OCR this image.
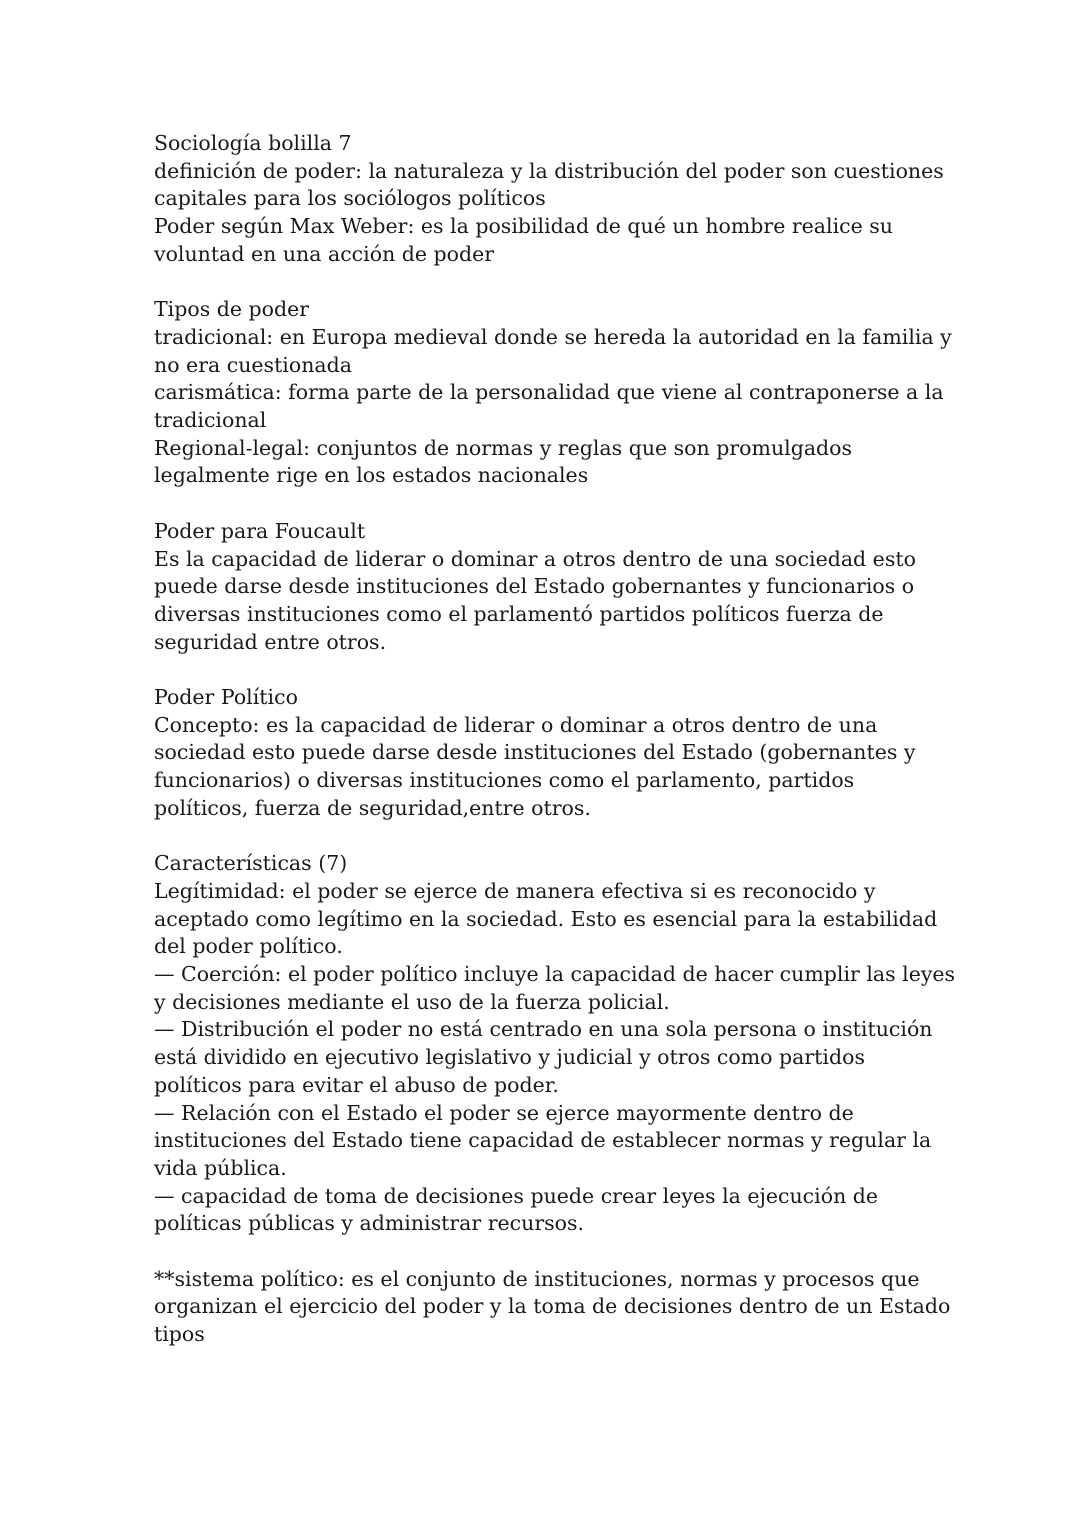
Sociología bolilla 7

definición de poder: la naturaleza y la distribución del poder son cuestiones

capitales para los sociólogos políticos

Poder según Max Weber: es la posibilidad de qué un hombre realice su

voluntad en una acción de poder

Tipos de poder

tradicional: en Europa medieval donde se hereda la autoridad en la familia y

no era cuestionada

carismática: forma parte de la personalidad que viene al contraponerse a la

tradicional

Regional-legal: conjuntos de normas y reglas que son promulgados

legalmente rige en los estados nacionales

Poder para Foucault

Es la capacidad de liderar o dominar a otros dentro de una sociedad esto

puede darse desde instituciones del Estado gobernantes y funcionarios o

diversas instituciones como el parlamentó partidos políticos fuerza de

seguridad entre otros.

Poder Político

Concepto: es la capacidad de liderar o dominar a otros dentro de una

sociedad esto puede darse desde instituciones del Estado (gobernantes y

funcionarios) o diversas instituciones como el parlamento, partidos

políticos, fuerza de seguridad,entre otros.

Características (7)

Legítimidad: el poder se ejerce de manera efectiva si es reconocido y

aceptado como legítimo en la sociedad. Esto es esencial para la estabilidad

del poder político.

— Coerción: el poder político incluye la capacidad de hacer cumplir las leyes

y decisiones mediante el uso de la fuerza policial.

— Distribución el poder no está centrado en una sola persona o institución

está dividido en ejecutivo legislativo y judicial y otros como partidos

políticos para evitar el abuso de poder.

— Relación con el Estado el poder se ejerce mayormente dentro de

instituciones del Estado tiene capacidad de establecer normas y regular la

vida pública.

— capacidad de toma de decisiones puede crear leyes la ejecución de

políticas públicas y administrar recursos.

**sistema político: es el conjunto de instituciones, normas y procesos que

organizan el ejercicio del poder y la toma de decisiones dentro de un Estado

tipos
